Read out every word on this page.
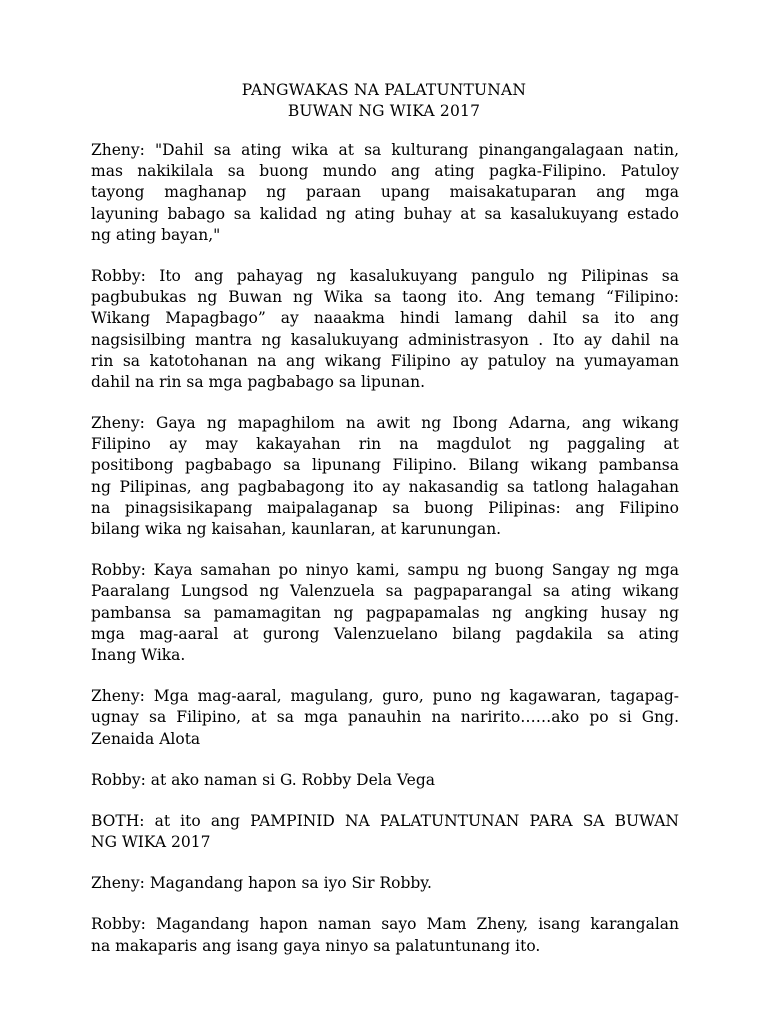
PANGWAKAS NA PALATUNTUNAN
BUWAN NG WIKA 2017
Zheny: "Dahil sa ating wika at sa kulturang pinangangalagaan natin,
mas nakikilala sa buong mundo ang ating pagka-Filipino. Patuloy
tayong maghanap ng paraan upang maisakatuparan ang mga
layuning babago sa kalidad ng ating buhay at sa kasalukuyang estado
ng ating bayan,"
Robby: Ito ang pahayag ng kasalukuyang pangulo ng Pilipinas sa
pagbubukas ng Buwan ng Wika sa taong ito. Ang temang “Filipino:
Wikang Mapagbago” ay naaakma hindi lamang dahil sa ito ang
nagsisilbing mantra ng kasalukuyang administrasyon . Ito ay dahil na
rin sa katotohanan na ang wikang Filipino ay patuloy na yumayaman
dahil na rin sa mga pagbabago sa lipunan.
Zheny: Gaya ng mapaghilom na awit ng Ibong Adarna, ang wikang
Filipino ay may kakayahan rin na magdulot ng paggaling at
positibong pagbabago sa lipunang Filipino. Bilang wikang pambansa
ng Pilipinas, ang pagbabagong ito ay nakasandig sa tatlong halagahan
na pinagsisikapang maipalaganap sa buong Pilipinas: ang Filipino
bilang wika ng kaisahan, kaunlaran, at karunungan.
Robby: Kaya samahan po ninyo kami, sampu ng buong Sangay ng mga
Paaralang Lungsod ng Valenzuela sa pagpaparangal sa ating wikang
pambansa sa pamamagitan ng pagpapamalas ng angking husay ng
mga mag-aaral at gurong Valenzuelano bilang pagdakila sa ating
Inang Wika.
Zheny: Mga mag-aaral, magulang, guro, puno ng kagawaran, tagapag-
ugnay sa Filipino, at sa mga panauhin na naririto……ako po si Gng.
Zenaida Alota
Robby: at ako naman si G. Robby Dela Vega
BOTH: at ito ang PAMPINID NA PALATUNTUNAN PARA SA BUWAN
NG WIKA 2017
Zheny: Magandang hapon sa iyo Sir Robby.
Robby: Magandang hapon naman sayo Mam Zheny, isang karangalan
na makaparis ang isang gaya ninyo sa palatuntunang ito.
